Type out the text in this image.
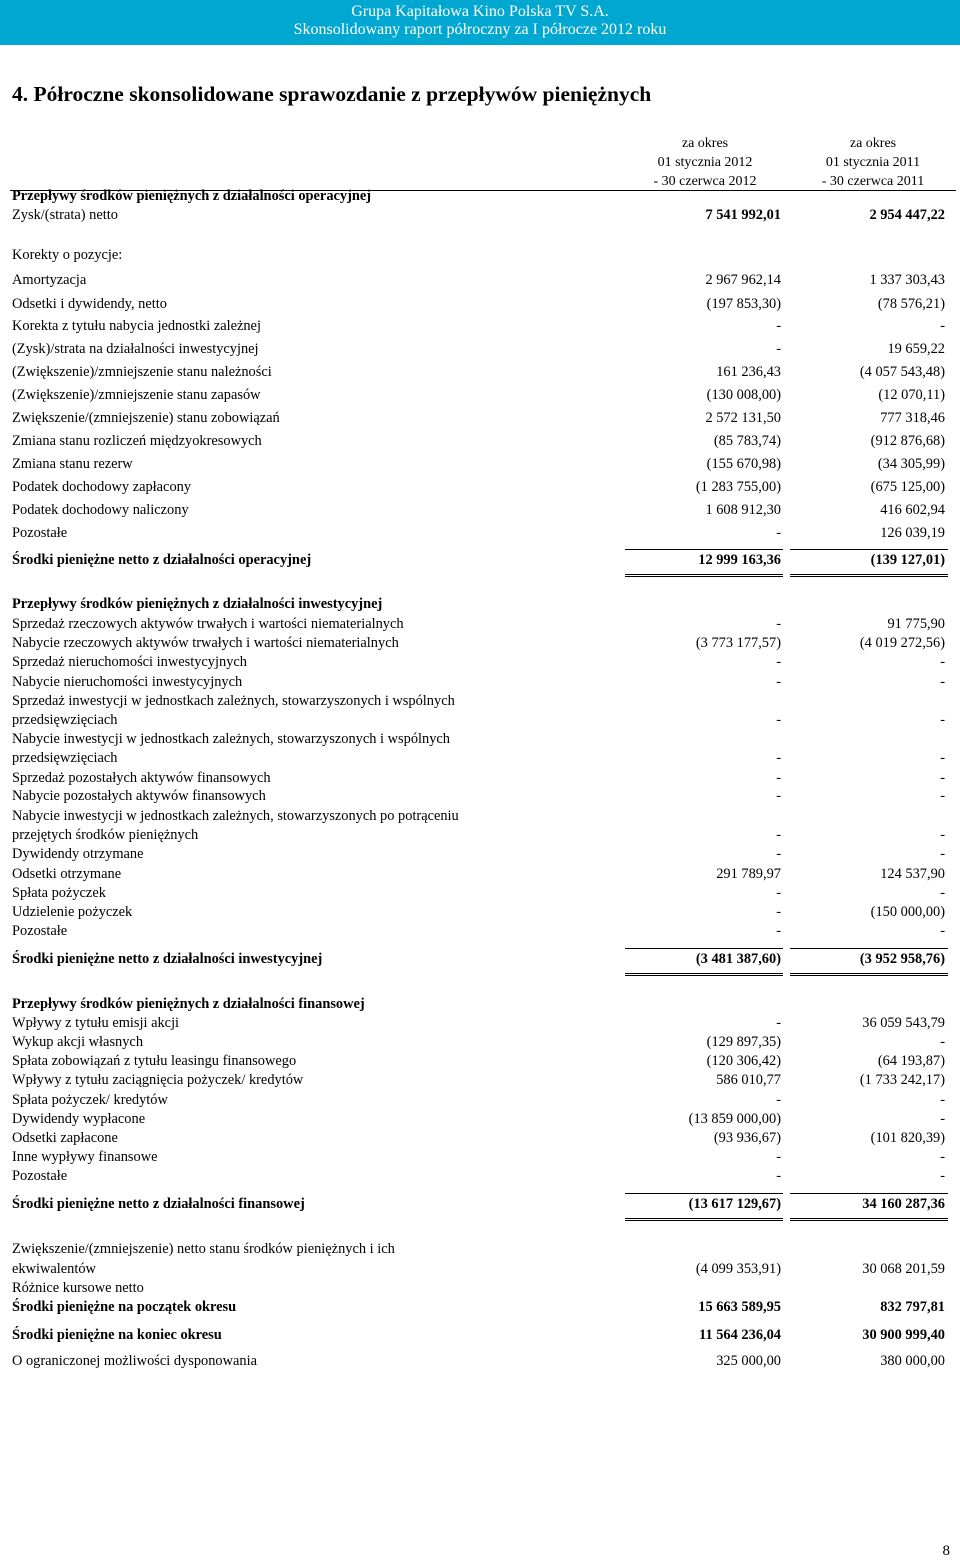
Grupa Kapitałowa Kino Polska TV S.A.
Skonsolidowany raport półroczny za I półrocze 2012 roku
4. Półroczne skonsolidowane sprawozdanie z przepływów pieniężnych
za okres
01 stycznia 2012
- 30 czerwca 2012
za okres
01 stycznia 2011
- 30 czerwca 2011
Przepływy środków pieniężnych z działalności operacyjnej
Zysk/(strata) netto	7 541 992,01	2 954 447,22
Korekty o pozycje:
Amortyzacja	2 967 962,14	1 337 303,43
Odsetki i dywidendy, netto	(197 853,30)	(78 576,21)
Korekta z tytułu nabycia jednostki zależnej	-	-
(Zysk)/strata na działalności inwestycyjnej	-	19 659,22
(Zwiększenie)/zmniejszenie stanu należności	161 236,43	(4 057 543,48)
(Zwiększenie)/zmniejszenie stanu zapasów	(130 008,00)	(12 070,11)
Zwiększenie/(zmniejszenie) stanu zobowiązań	2 572 131,50	777 318,46
Zmiana stanu rozliczeń międzyokresowych	(85 783,74)	(912 876,68)
Zmiana stanu rezerw	(155 670,98)	(34 305,99)
Podatek dochodowy zapłacony	(1 283 755,00)	(675 125,00)
Podatek dochodowy naliczony	1 608 912,30	416 602,94
Pozostałe	-	126 039,19
Środki pieniężne netto z działalności operacyjnej	12 999 163,36	(139 127,01)
Przepływy środków pieniężnych z działalności inwestycyjnej
Sprzedaż rzeczowych aktywów trwałych i wartości niematerialnych	-	91 775,90
Nabycie rzeczowych aktywów trwałych i wartości niematerialnych	(3 773 177,57)	(4 019 272,56)
Sprzedaż nieruchomości inwestycyjnych	-	-
Nabycie nieruchomości inwestycyjnych	-	-
Sprzedaż inwestycji w jednostkach zależnych, stowarzyszonych i wspólnych
przedsięwzięciach	-	-
Nabycie inwestycji w jednostkach zależnych, stowarzyszonych i wspólnych
przedsięwzięciach	-	-
Sprzedaż pozostałych aktywów finansowych	-	-
Nabycie pozostałych aktywów finansowych	-	-
Nabycie inwestycji w jednostkach zależnych, stowarzyszonych po potrąceniu
przejętych środków pieniężnych	-	-
Dywidendy otrzymane	-	-
Odsetki otrzymane	291 789,97	124 537,90
Spłata pożyczek	-	-
Udzielenie pożyczek	-	(150 000,00)
Pozostałe	-	-
Środki pieniężne netto z działalności inwestycyjnej	(3 481 387,60)	(3 952 958,76)
Przepływy środków pieniężnych z działalności finansowej
Wpływy z tytułu emisji akcji	-	36 059 543,79
Wykup akcji własnych	(129 897,35)	-
Spłata zobowiązań z tytułu leasingu finansowego	(120 306,42)	(64 193,87)
Wpływy z tytułu zaciągnięcia pożyczek/ kredytów	586 010,77	(1 733 242,17)
Spłata pożyczek/ kredytów	-	-
Dywidendy wypłacone	(13 859 000,00)	-
Odsetki zapłacone	(93 936,67)	(101 820,39)
Inne wypływy finansowe	-	-
Pozostałe	-	-
Środki pieniężne netto z działalności finansowej	(13 617 129,67)	34 160 287,36
Zwiększenie/(zmniejszenie) netto stanu środków pieniężnych i ich
ekwiwalentów	(4 099 353,91)	30 068 201,59
Różnice kursowe netto
Środki pieniężne na początek okresu	15 663 589,95	832 797,81
Środki pieniężne na koniec okresu	11 564 236,04	30 900 999,40
O ograniczonej możliwości dysponowania	325 000,00	380 000,00
8
